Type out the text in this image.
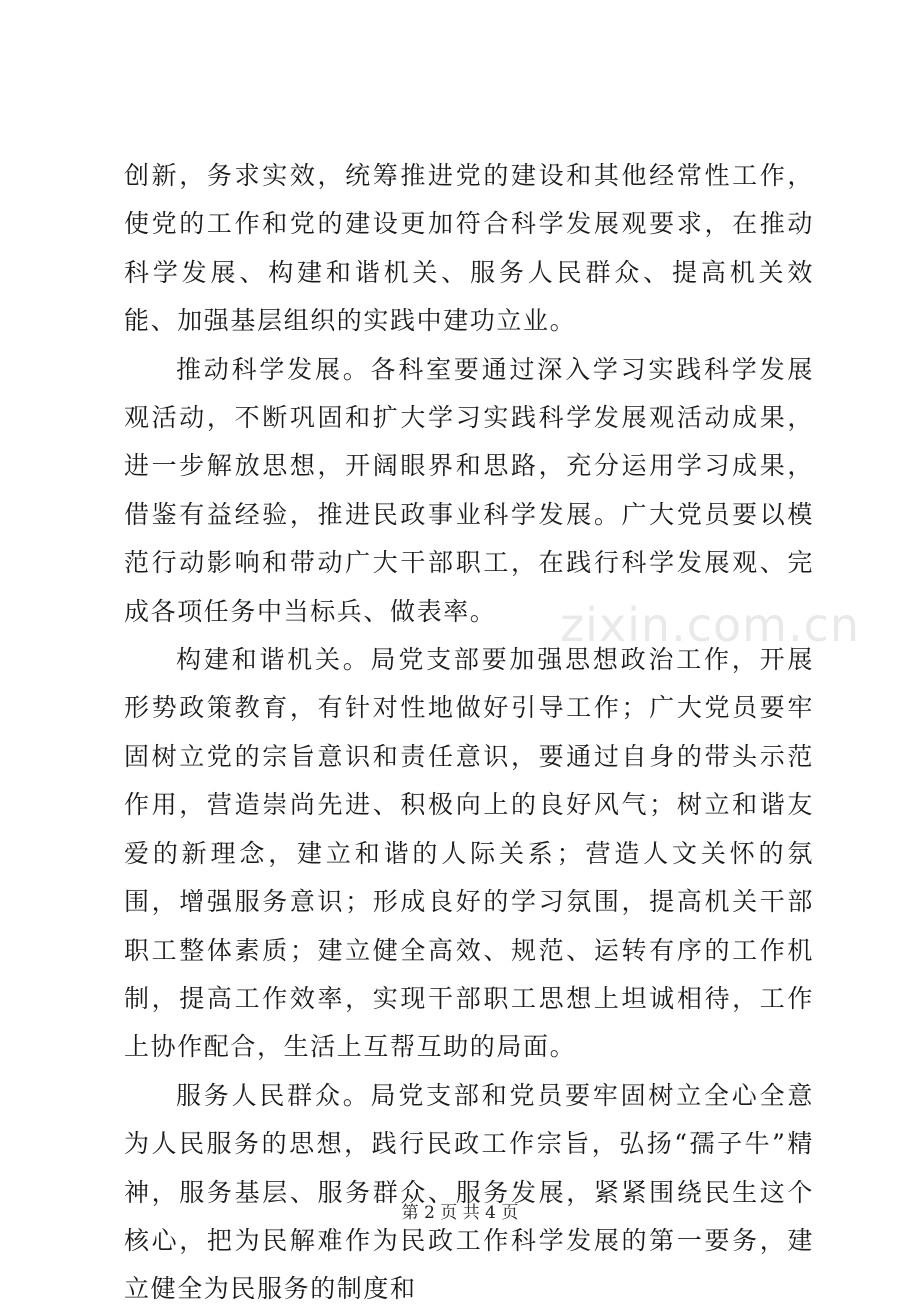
zixin.com.cn

创新，务求实效，统筹推进党的建设和其他经常性工作，使党的工作和党的建设更加符合科学发展观要求，在推动科学发展、构建和谐机关、服务人民群众、提高机关效能、加强基层组织的实践中建功立业。

推动科学发展。各科室要通过深入学习实践科学发展观活动，不断巩固和扩大学习实践科学发展观活动成果，进一步解放思想，开阔眼界和思路，充分运用学习成果，借鉴有益经验，推进民政事业科学发展。广大党员要以模范行动影响和带动广大干部职工，在践行科学发展观、完成各项任务中当标兵、做表率。

构建和谐机关。局党支部要加强思想政治工作，开展形势政策教育，有针对性地做好引导工作；广大党员要牢固树立党的宗旨意识和责任意识，要通过自身的带头示范作用，营造崇尚先进、积极向上的良好风气；树立和谐友爱的新理念，建立和谐的人际关系；营造人文关怀的氛围，增强服务意识；形成良好的学习氛围，提高机关干部职工整体素质；建立健全高效、规范、运转有序的工作机制，提高工作效率，实现干部职工思想上坦诚相待，工作上协作配合，生活上互帮互助的局面。

服务人民群众。局党支部和党员要牢固树立全心全意为人民服务的思想，践行民政工作宗旨，弘扬“孺子牛”精神，服务基层、服务群众、服务发展，紧紧围绕民生这个核心，把为民解难作为民政工作科学发展的第一要务，建立健全为民服务的制度和

第 2 页 共 4 页
